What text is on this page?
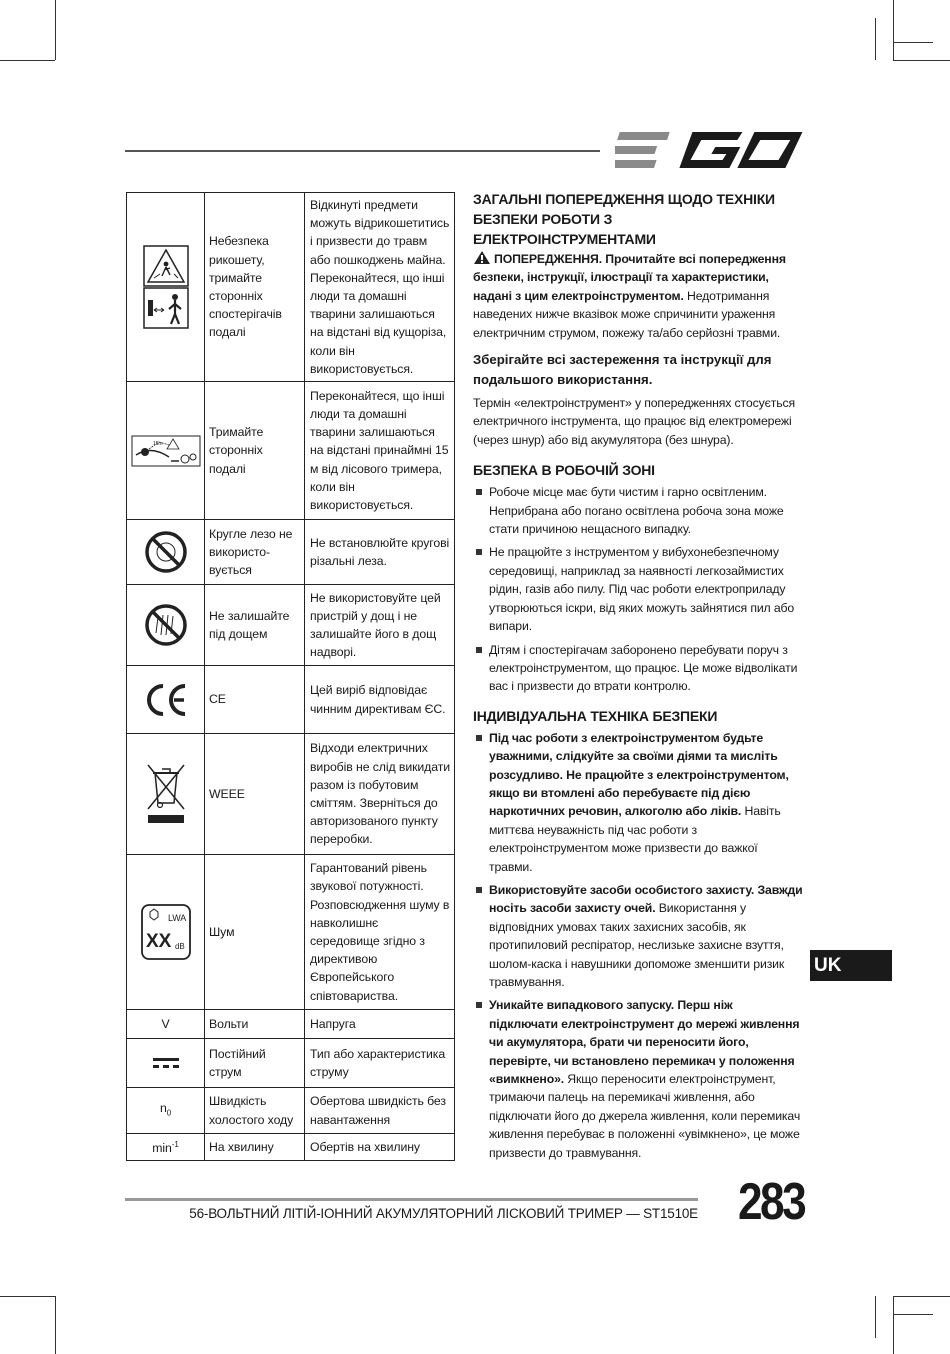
	Небезпека рикошету, тримайте сторонніх спостерігачів подалі	Відкинуті предмети можуть відрикошетитись і призвести до травм або пошкоджень майна. Переконайтеся, що інші люди та домашні тварини залишаються на відстані від кущоріза, коли він використовується.

15m	Тримайте сторонніх подалі	Переконайтеся, що інші люди та домашні тварини залишаються на відстані принаймні 15 м від лісового тримера, коли він використовується.

	Кругле лезо не використо-вується	Не встановлюйте кругові різальні леза.

	Не залишайте під дощем	Не використовуйте цей пристрій у дощ і не залишайте його в дощ надворі.

	CE	Цей виріб відповідає чинним директивам ЄС.

	WEEE	Відходи електричних виробів не слід викидати разом із побутовим сміттям. Зверніться до авторизованого пункту переробки.

LWA
XX dB	Шум	Гарантований рівень звукової потужності. Розповсюдження шуму в навколишнє середовище згідно з директивою Європейського співтовариства.
V	Вольти	Напруга

	Постійний струм	Тип або характеристика струму
$n_0$	Швидкість холостого ходу	Обертова швидкість без навантаження
$\min^{-1}$	На хвилину	Обертів на хвилину
ЗАГАЛЬНІ ПОПЕРЕДЖЕННЯ ЩОДО ТЕХНІКИ БЕЗПЕКИ РОБОТИ З ЕЛЕКТРОІНСТРУМЕНТАМИ

ПОПЕРЕДЖЕННЯ. Прочитайте всі попередження безпеки, інструкції, ілюстрації та характеристики, надані з цим електроінструментом. Недотримання наведених нижче вказівок може спричинити ураження електричним струмом, пожежу та/або серйозні травми.

Зберігайте всі застереження та інструкції для подальшого використання.

Термін «електроінструмент» у попередженнях стосується електричного інструмента, що працює від електромережі (через шнур) або від акумулятора (без шнура).

БЕЗПЕКА В РОБОЧІЙ ЗОНІ
Робоче місце має бути чистим і гарно освітленим. Неприбрана або погано освітлена робоча зона може стати причиною нещасного випадку.
Не працюйте з інструментом у вибухонебезпечному середовищі, наприклад за наявності легкозаймистих рідин, газів або пилу. Під час роботи електроприладу утворюються іскри, від яких можуть зайнятися пил або випари.
Дітям і спостерігачам заборонено перебувати поруч з електроінструментом, що працює. Це може відволікати вас і призвести до втрати контролю.
ІНДИВІДУАЛЬНА ТЕХНІКА БЕЗПЕКИ
Під час роботи з електроінструментом будьте уважними, слідкуйте за своїми діями та мисліть розсудливо. Не працюйте з електроінструментом, якщо ви втомлені або перебуваєте під дією наркотичних речовин, алкоголю або ліків. Навіть миттєва неуважність під час роботи з електроінструментом може призвести до важкої травми.
Використовуйте засоби особистого захисту. Завжди носіть засоби захисту очей. Використання у відповідних умовах таких захисних засобів, як протипиловий респіратор, неслизьке захисне взуття, шолом-каска і навушники допоможе зменшити ризик травмування.
Уникайте випадкового запуску. Перш ніж підключати електроінструмент до мережі живлення чи акумулятора, брати чи переносити його, перевірте, чи встановлено перемикач у положення «вимкнено». Якщо переносити електроінструмент, тримаючи палець на перемикачі живлення, або підключати його до джерела живлення, коли перемикач живлення перебуває в положенні «увімкнено», це може призвести до травмування.
UK
56-ВОЛЬТНИЙ ЛІТІЙ-ІОННИЙ АКУМУЛЯТОРНИЙ ЛІСКОВИЙ ТРИМЕР — ST1510E 283
